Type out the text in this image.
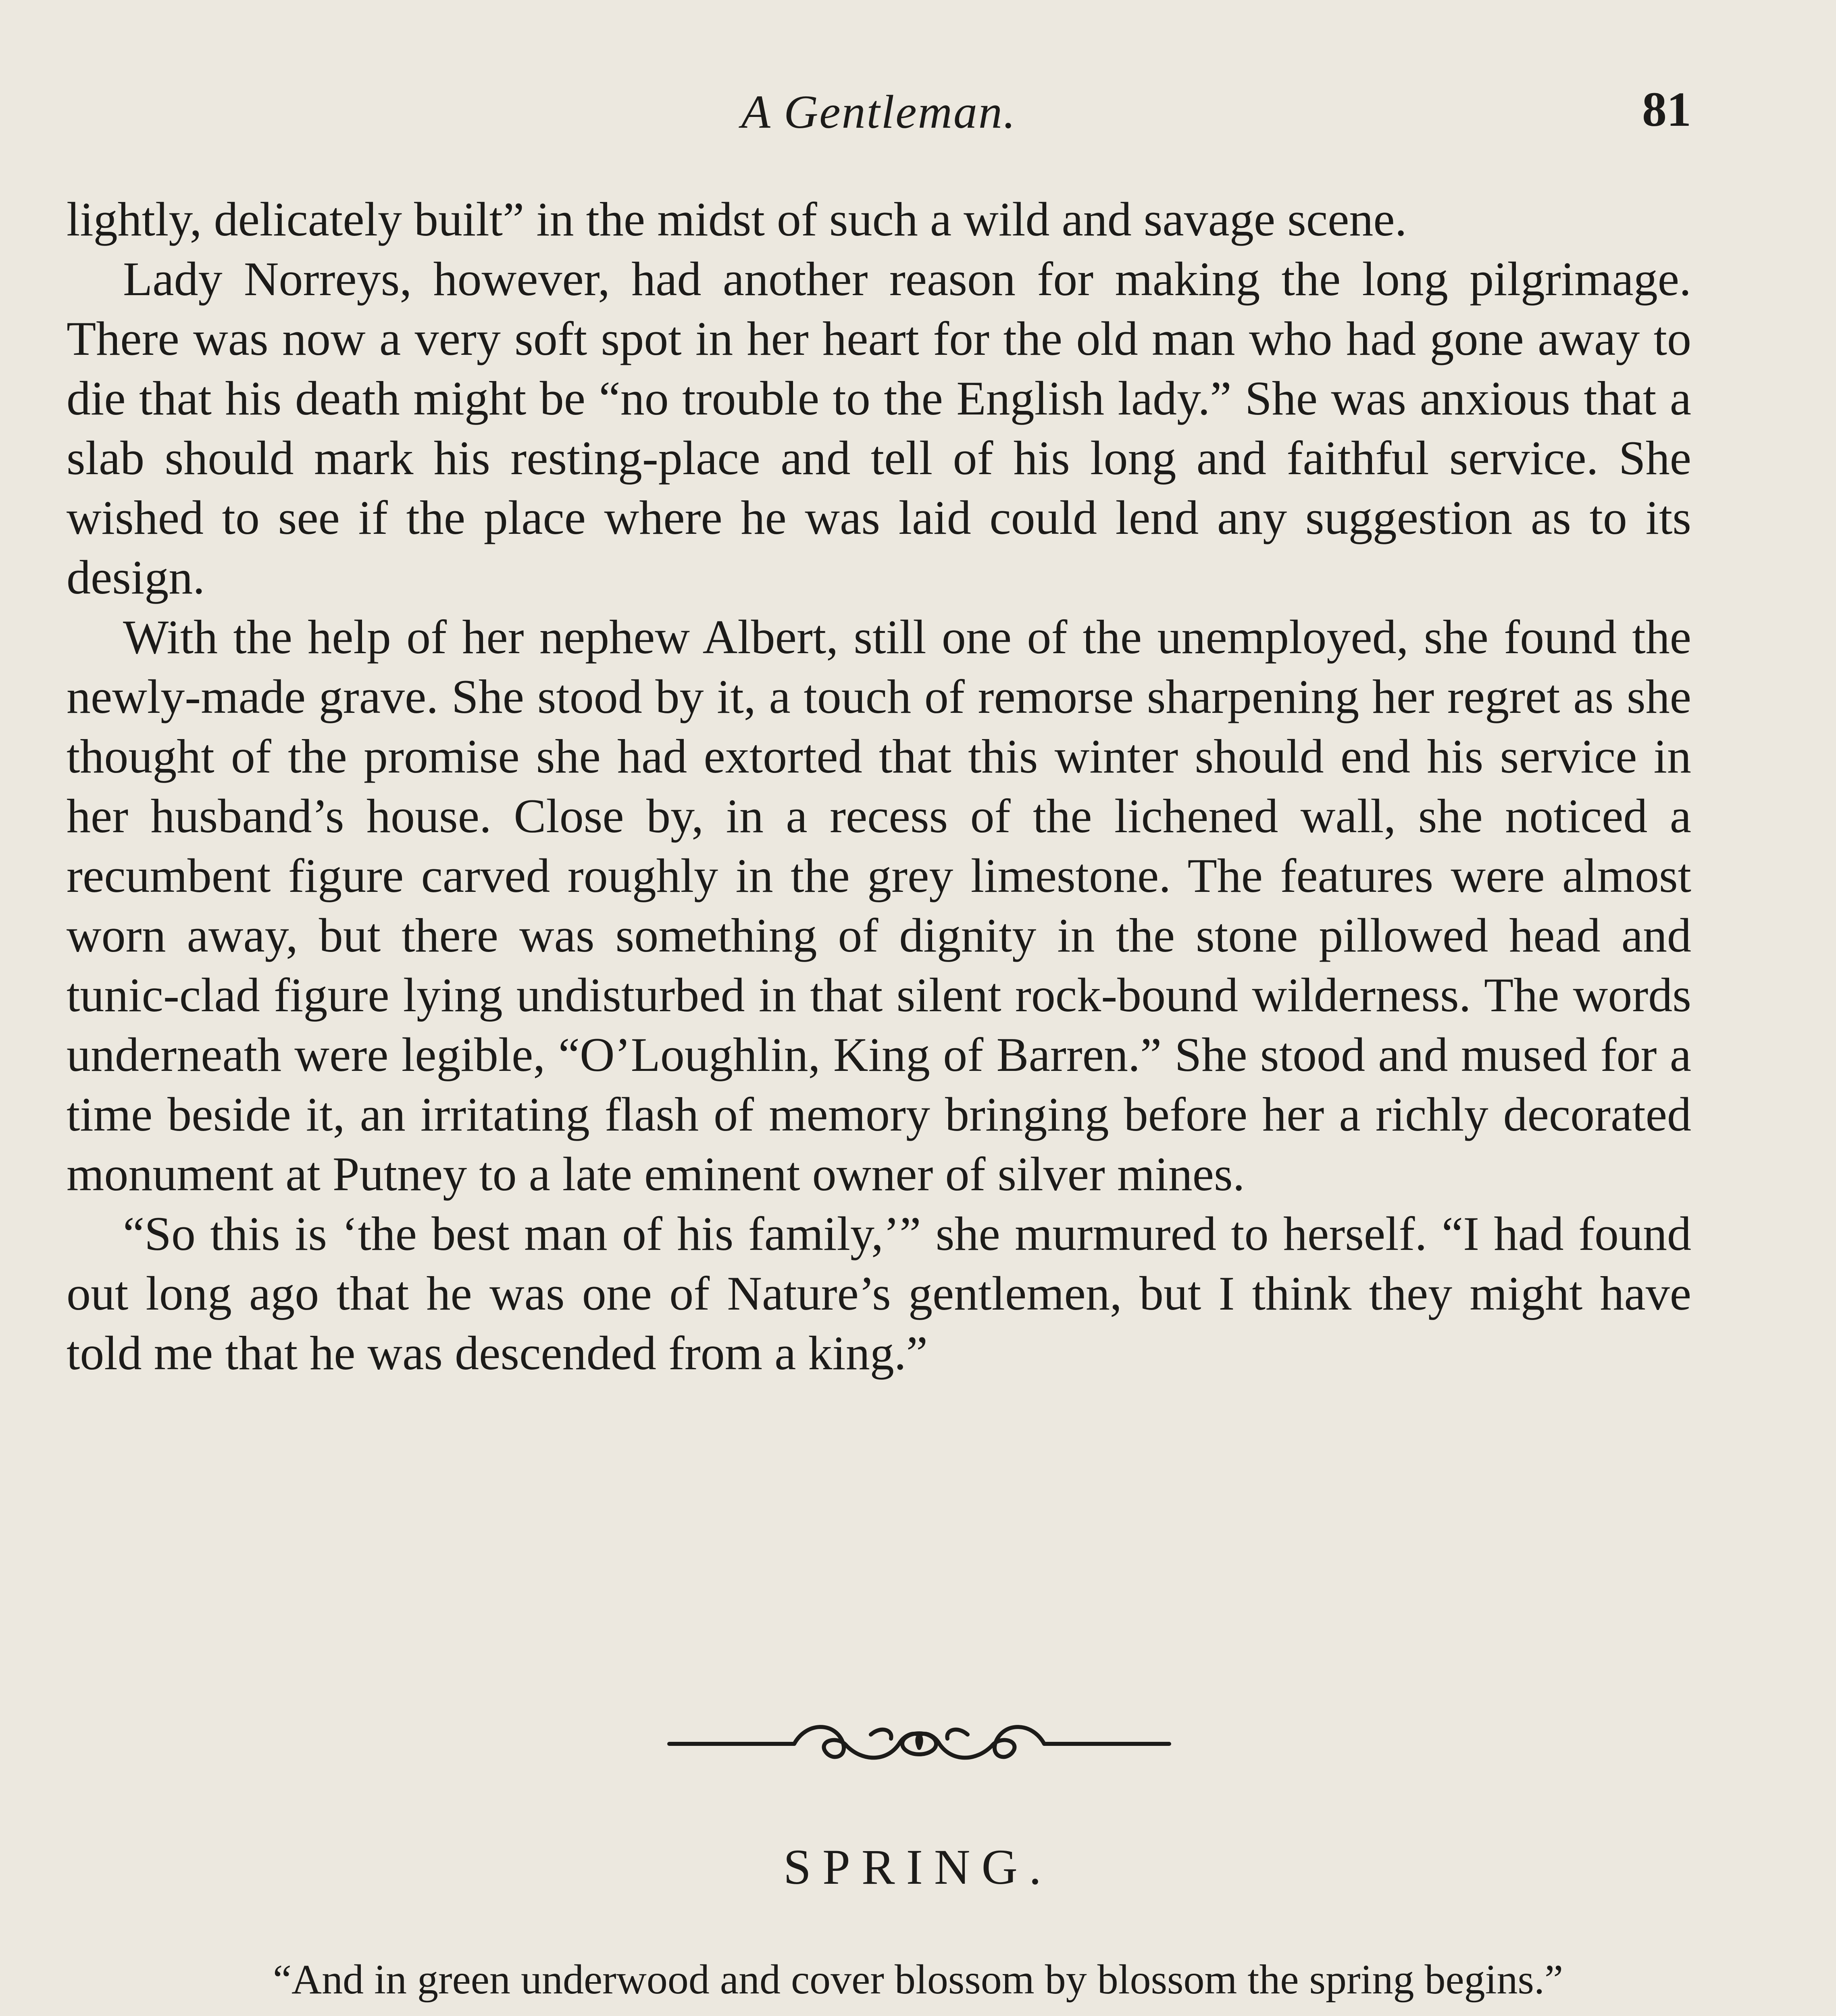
A Gentleman.	81

lightly, delicately built” in the midst of such a wild and savage scene.

Lady Norreys, however, had another reason for making the long pilgrimage. There was now a very soft spot in her heart for the old man who had gone away to die that his death might be “no trouble to the English lady.” She was anxious that a slab should mark his resting-place and tell of his long and faithful service. She wished to see if the place where he was laid could lend any suggestion as to its design.

With the help of her nephew Albert, still one of the unemployed, she found the newly-made grave. She stood by it, a touch of remorse sharpening her regret as she thought of the promise she had extorted that this winter should end his service in her husband’s house. Close by, in a recess of the lichened wall, she noticed a recumbent figure carved roughly in the grey limestone. The features were almost worn away, but there was something of dignity in the stone pillowed head and tunic-clad figure lying undisturbed in that silent rock-bound wilderness. The words underneath were legible, “O’Loughlin, King of Barren.” She stood and mused for a time beside it, an irritating flash of memory bringing before her a richly decorated monument at Putney to a late eminent owner of silver mines.

“So this is ‘the best man of his family,’” she murmured to herself. “I had found out long ago that he was one of Nature’s gentlemen, but I think they might have told me that he was descended from a king.”

SPRING.
“And in green underwood and cover blossom by blossom the spring begins.”
